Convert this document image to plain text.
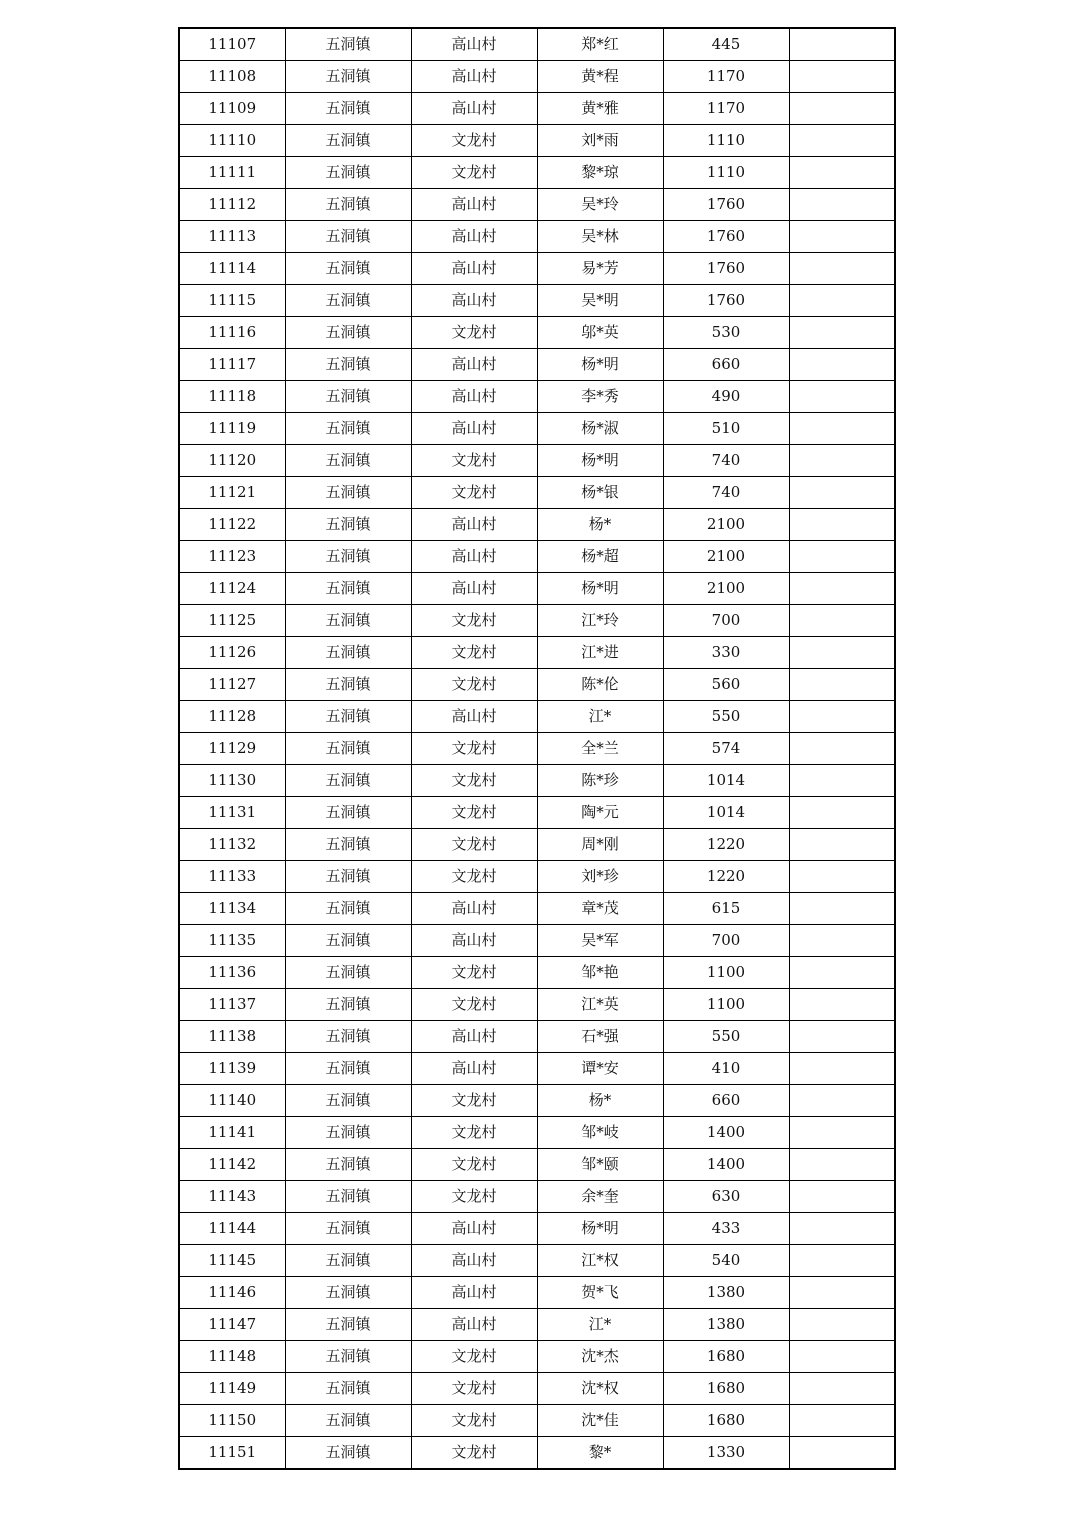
11107	五洞镇	高山村	郑*红	445	
11108	五洞镇	高山村	黄*程	1170	
11109	五洞镇	高山村	黄*雅	1170	
11110	五洞镇	文龙村	刘*雨	1110	
11111	五洞镇	文龙村	黎*琼	1110	
11112	五洞镇	高山村	吴*玲	1760	
11113	五洞镇	高山村	吴*林	1760	
11114	五洞镇	高山村	易*芳	1760	
11115	五洞镇	高山村	吴*明	1760	
11116	五洞镇	文龙村	邬*英	530	
11117	五洞镇	高山村	杨*明	660	
11118	五洞镇	高山村	李*秀	490	
11119	五洞镇	高山村	杨*淑	510	
11120	五洞镇	文龙村	杨*明	740	
11121	五洞镇	文龙村	杨*银	740	
11122	五洞镇	高山村	杨*	2100	
11123	五洞镇	高山村	杨*超	2100	
11124	五洞镇	高山村	杨*明	2100	
11125	五洞镇	文龙村	江*玲	700	
11126	五洞镇	文龙村	江*进	330	
11127	五洞镇	文龙村	陈*伦	560	
11128	五洞镇	高山村	江*	550	
11129	五洞镇	文龙村	全*兰	574	
11130	五洞镇	文龙村	陈*珍	1014	
11131	五洞镇	文龙村	陶*元	1014	
11132	五洞镇	文龙村	周*刚	1220	
11133	五洞镇	文龙村	刘*珍	1220	
11134	五洞镇	高山村	章*茂	615	
11135	五洞镇	高山村	吴*军	700	
11136	五洞镇	文龙村	邹*艳	1100	
11137	五洞镇	文龙村	江*英	1100	
11138	五洞镇	高山村	石*强	550	
11139	五洞镇	高山村	谭*安	410	
11140	五洞镇	文龙村	杨*	660	
11141	五洞镇	文龙村	邹*岐	1400	
11142	五洞镇	文龙村	邹*颐	1400	
11143	五洞镇	文龙村	余*奎	630	
11144	五洞镇	高山村	杨*明	433	
11145	五洞镇	高山村	江*权	540	
11146	五洞镇	高山村	贺*飞	1380	
11147	五洞镇	高山村	江*	1380	
11148	五洞镇	文龙村	沈*杰	1680	
11149	五洞镇	文龙村	沈*权	1680	
11150	五洞镇	文龙村	沈*佳	1680	
11151	五洞镇	文龙村	黎*	1330	
